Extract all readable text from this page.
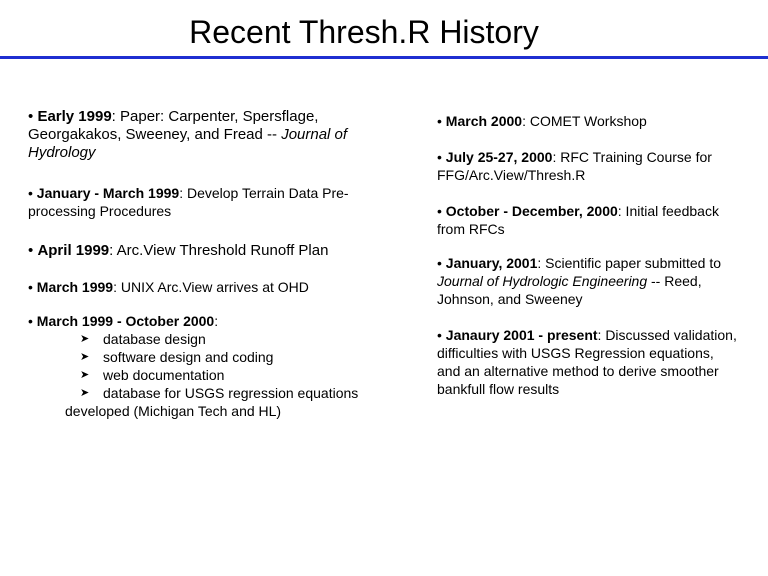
Recent Thresh.R History

• Early 1999: Paper: Carpenter, Spersflage, Georgakakos, Sweeney, and Fread -- Journal of Hydrology

• January - March 1999: Develop Terrain Data Pre-processing Procedures

• April 1999: Arc.View Threshold Runoff Plan

• March 1999: UNIX Arc.View arrives at OHD

• March 1999 - October 2000:

➤ database design
➤ software design and coding
➤ web documentation
➤ database for USGS regression equations
developed (Michigan Tech and HL)

• March 2000: COMET Workshop

• July 25-27, 2000: RFC Training Course for FFG/Arc.View/Thresh.R

• October - December, 2000: Initial feedback from RFCs

• January, 2001: Scientific paper submitted to Journal of Hydrologic Engineering -- Reed, Johnson, and Sweeney

• Janaury 2001 - present: Discussed validation, difficulties with USGS Regression equations, and an alternative method to derive smoother bankfull flow results
